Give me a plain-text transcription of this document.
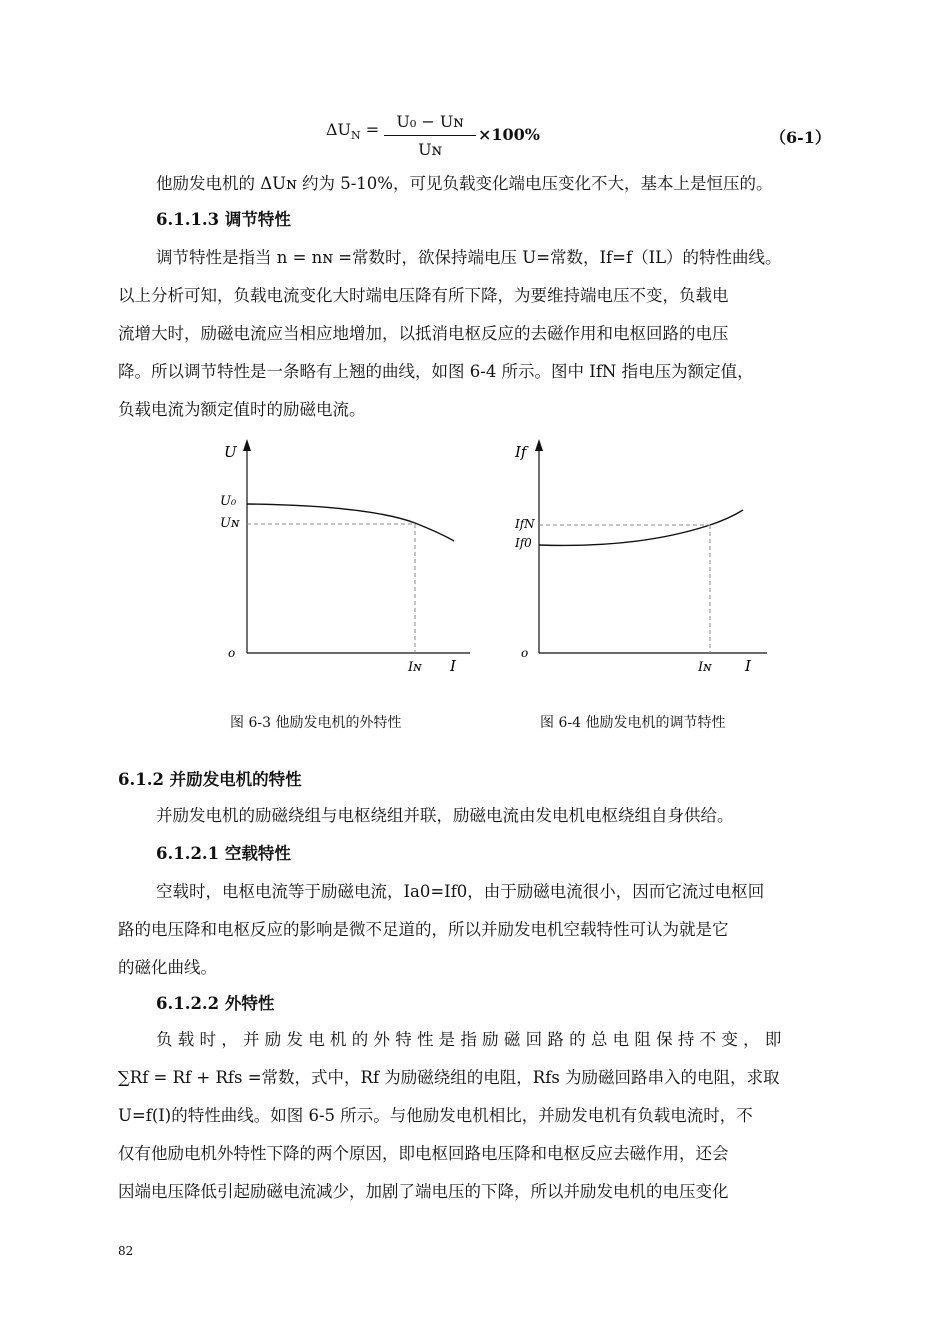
$\Delta U_N$ =	U₀ − Uɴ
Uɴ
×100%	（6-1）
他励发电机的 ΔUɴ 约为 5-10%，可见负载变化端电压变化不大，基本上是恒压的。
6.1.1.3 调节特性
调节特性是指当 n = nɴ =常数时，欲保持端电压 U=常数，If=f（IL）的特性曲线。
以上分析可知，负载电流变化大时端电压降有所下降，为要维持端电压不变，负载电
流增大时，励磁电流应当相应地增加，以抵消电枢反应的去磁作用和电枢回路的电压
降。所以调节特性是一条略有上翘的曲线，如图 6-4 所示。图中 IfN 指电压为额定值，
负载电流为额定值时的励磁电流。
U
U₀
Uɴ
o
Iɴ I
If
IfN
If0
o
Iɴ I
图 6-3 他励发电机的外特性	图 6-4 他励发电机的调节特性
6.1.2 并励发电机的特性
并励发电机的励磁绕组与电枢绕组并联，励磁电流由发电机电枢绕组自身供给。
6.1.2.1 空载特性
空载时，电枢电流等于励磁电流，Ia0=If0，由于励磁电流很小，因而它流过电枢回
路的电压降和电枢反应的影响是微不足道的，所以并励发电机空载特性可认为就是它
的磁化曲线。
6.1.2.2 外特性
负 载 时 ， 并 励 发 电 机 的 外 特 性 是 指 励 磁 回 路 的 总 电 阻 保 持 不 变 ， 即
∑Rf = Rf + Rfs =常数，式中，Rf 为励磁绕组的电阻，Rfs 为励磁回路串入的电阻，求取
U=f(I)的特性曲线。如图 6-5 所示。与他励发电机相比，并励发电机有负载电流时，不
仅有他励电机外特性下降的两个原因，即电枢回路电压降和电枢反应去磁作用，还会
因端电压降低引起励磁电流减少，加剧了端电压的下降，所以并励发电机的电压变化
82
